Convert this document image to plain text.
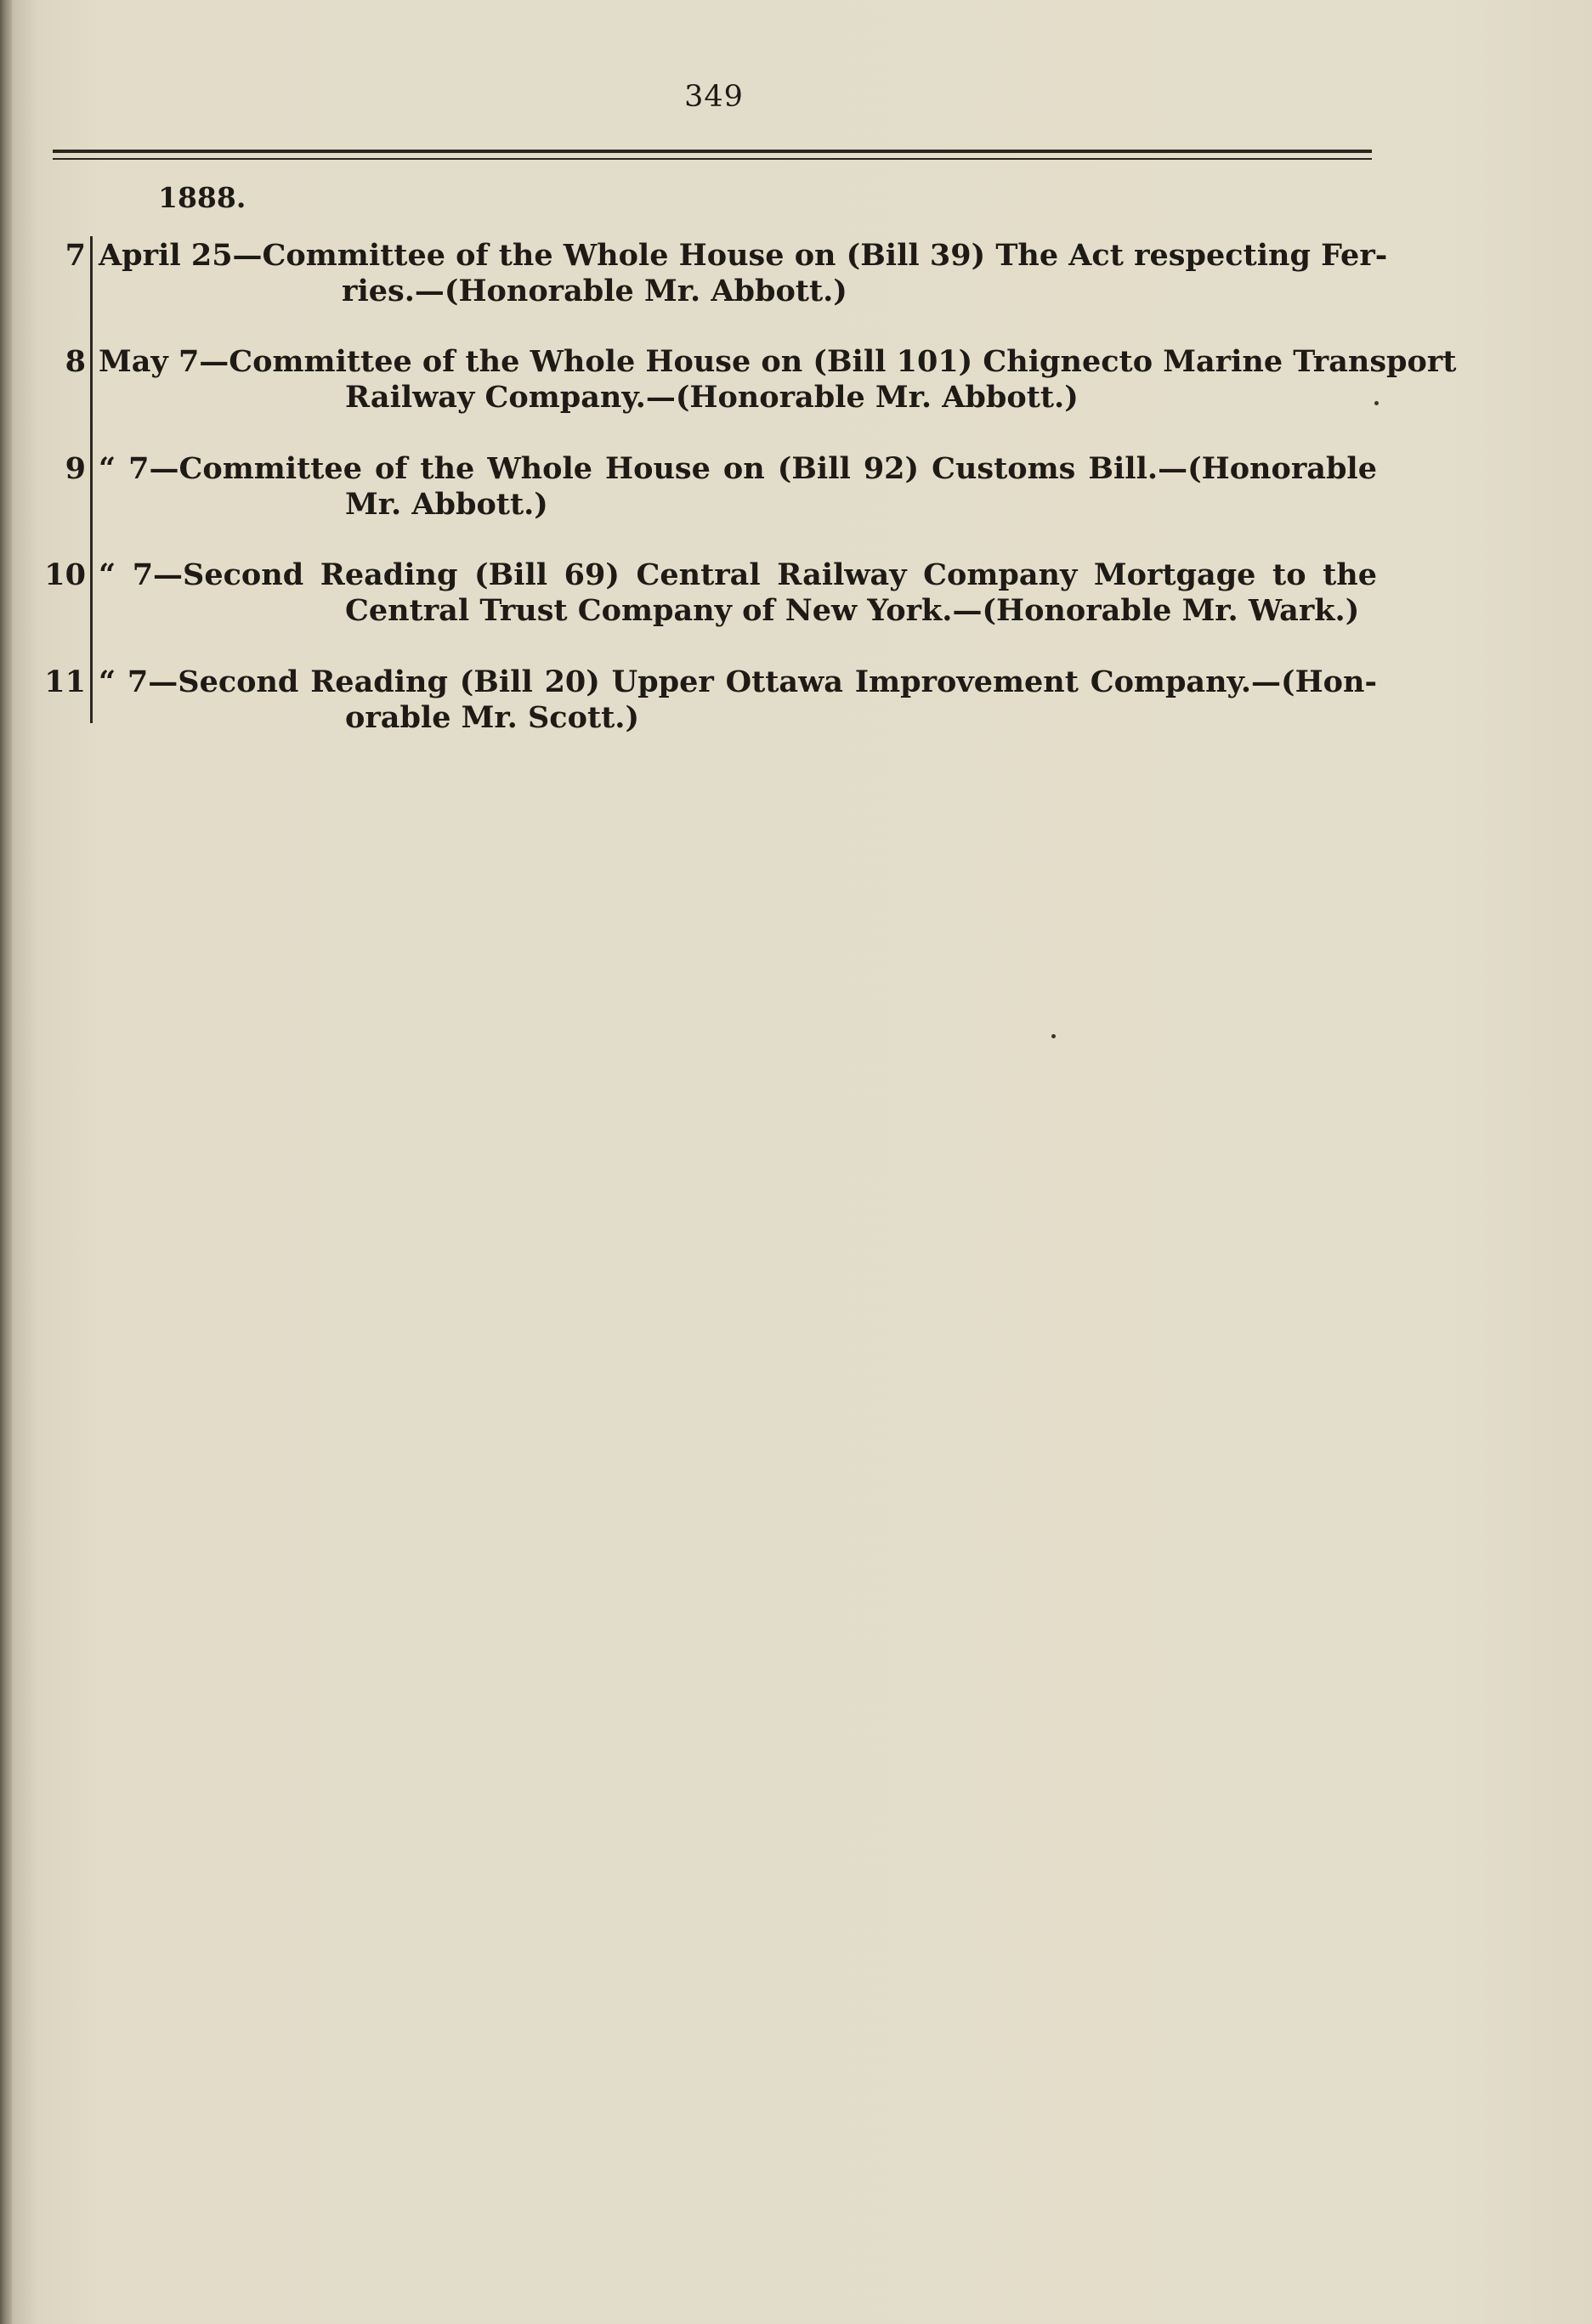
349
1888.
7 April 25—Committee of the Whole House on (Bill 39) The Act respecting Fer-
ries.—(Honorable Mr. Abbott.)
8 May 7—Committee of the Whole House on (Bill 101) Chignecto Marine Transport
Railway Company.—(Honorable Mr. Abbott.)
9 “ 7—Committee of the Whole House on (Bill 92) Customs Bill.—(Honorable
Mr. Abbott.)
10 “ 7—Second Reading (Bill 69) Central Railway Company Mortgage to the
Central Trust Company of New York.—(Honorable Mr. Wark.)
11 “ 7—Second Reading (Bill 20) Upper Ottawa Improvement Company.—(Hon-
orable Mr. Scott.)
